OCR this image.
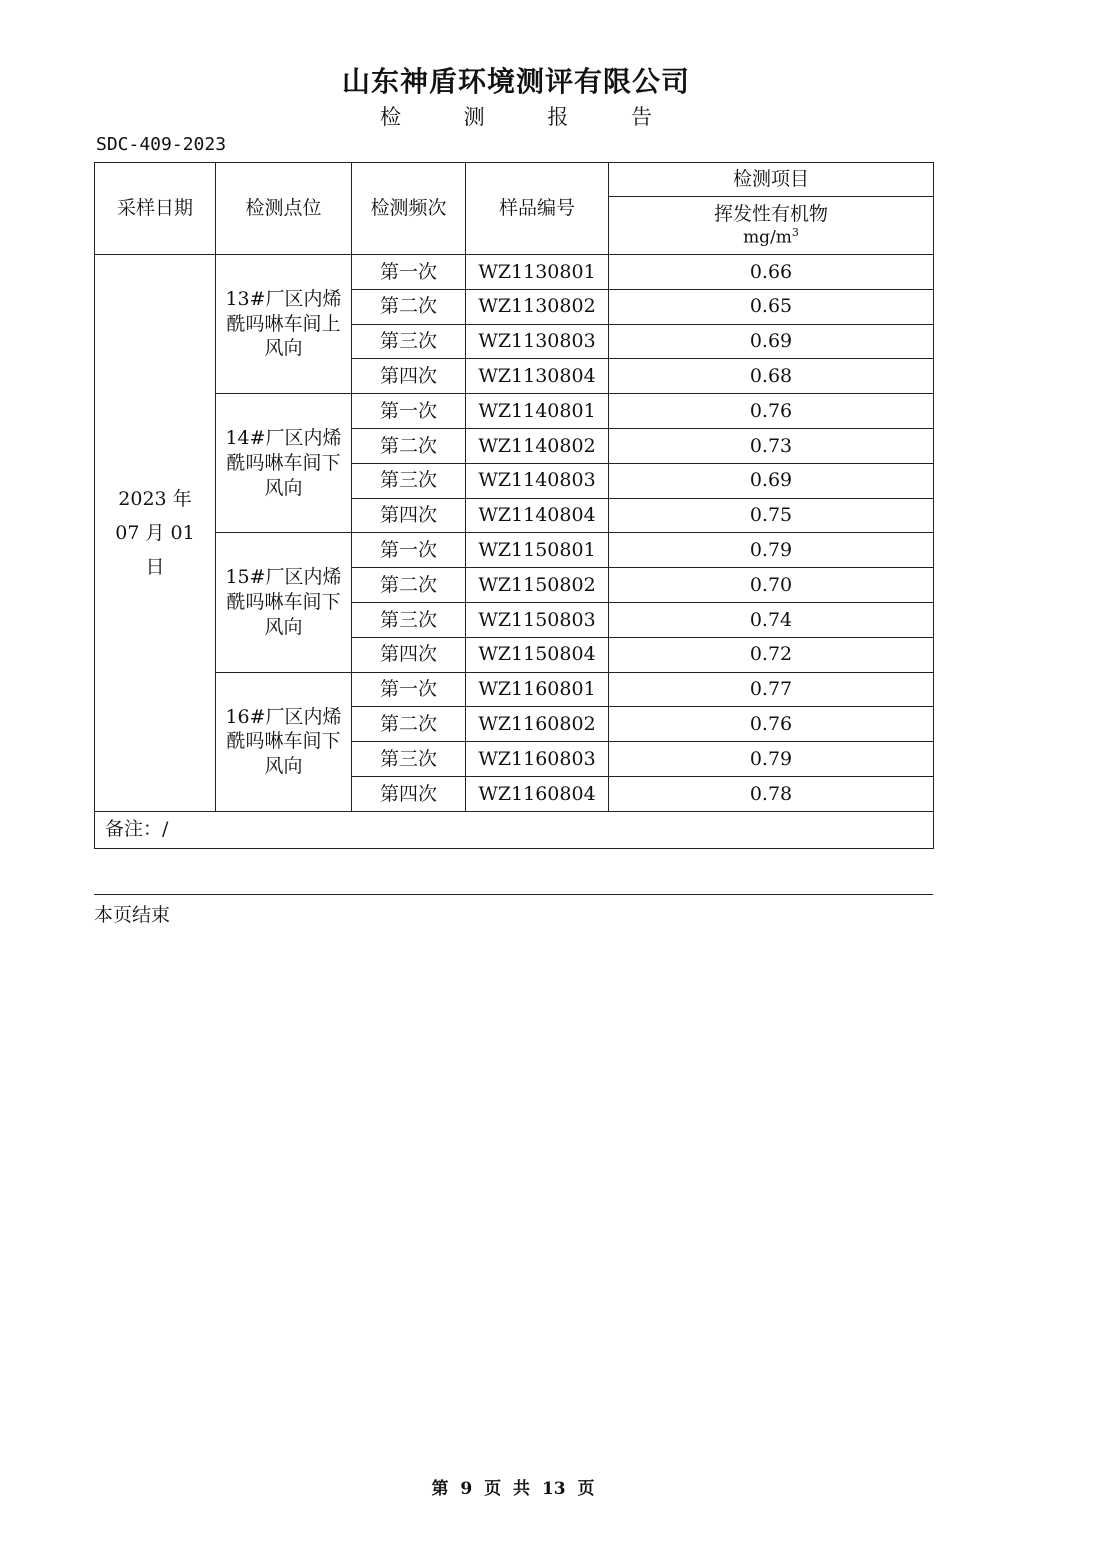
山东神盾环境测评有限公司
检 测 报 告
SDC-409-2023
采样日期	检测点位	检测频次	样品编号	检测项目

				挥发性有机物
$mg/m^3$

2023 年 07 月 01 日	13#厂区内烯酰吗啉车间上风向	第一次	WZ1130801	0.66
		第二次	WZ1130802	0.65
		第三次	WZ1130803	0.69
		第四次	WZ1130804	0.68
	14#厂区内烯酰吗啉车间下风向	第一次	WZ1140801	0.76
		第二次	WZ1140802	0.73
		第三次	WZ1140803	0.69
		第四次	WZ1140804	0.75
	15#厂区内烯酰吗啉车间下风向	第一次	WZ1150801	0.79
		第二次	WZ1150802	0.70
		第三次	WZ1150803	0.74
		第四次	WZ1150804	0.72
	16#厂区内烯酰吗啉车间下风向	第一次	WZ1160801	0.77
		第二次	WZ1160802	0.76
		第三次	WZ1160803	0.79
		第四次	WZ1160804	0.78
备注：/				
本页结束
第 9 页 共 13 页
